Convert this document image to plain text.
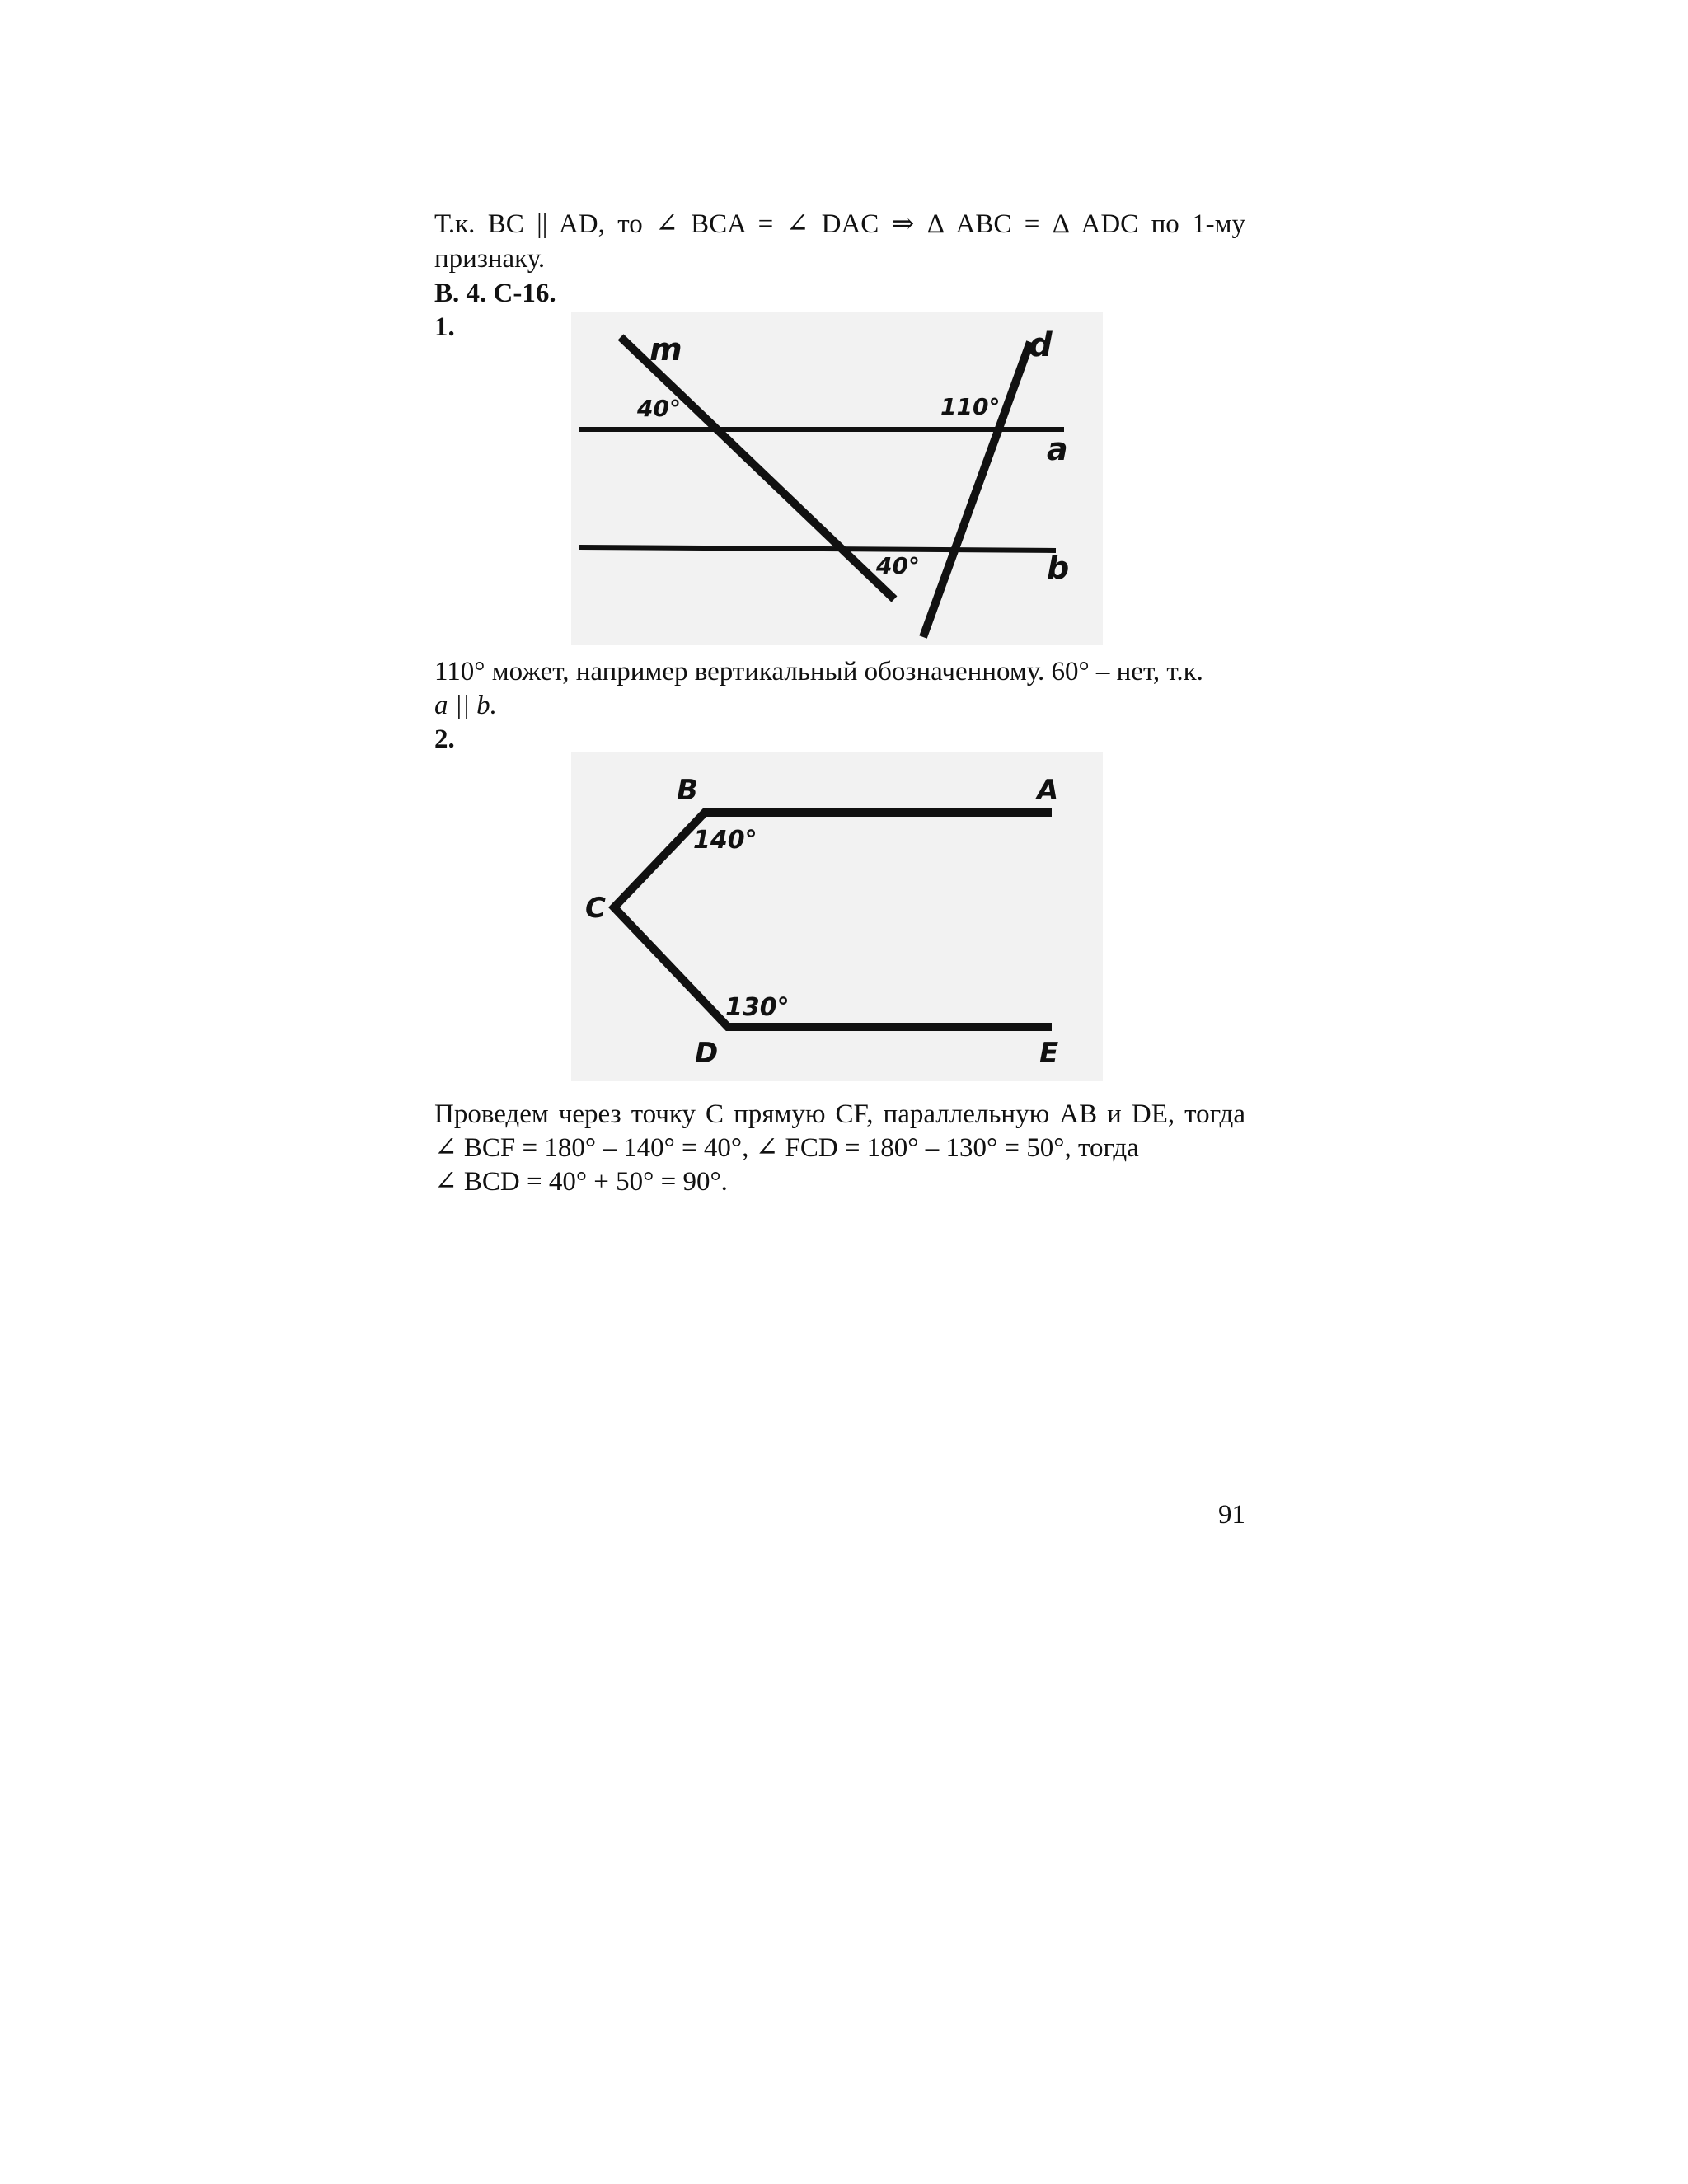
Т.к. BC || AD, то ∠ BCA = ∠ DAC ⇒ Δ ABC = Δ ADC по 1-му
признаку.
В. 4. С-16.
1.
m	d
a
b
40°	110°
40°
110° может, например вертикальный обозначенному. 60° – нет, т.к.
a || b.
2.
B	A
C
D	E
140°
130°
Проведем через точку C прямую CF, параллельную AB и DE, тогда
∠ BCF = 180° – 140° = 40°, ∠ FCD = 180° – 130° = 50°, тогда
∠ BCD = 40° + 50° = 90°.
91
